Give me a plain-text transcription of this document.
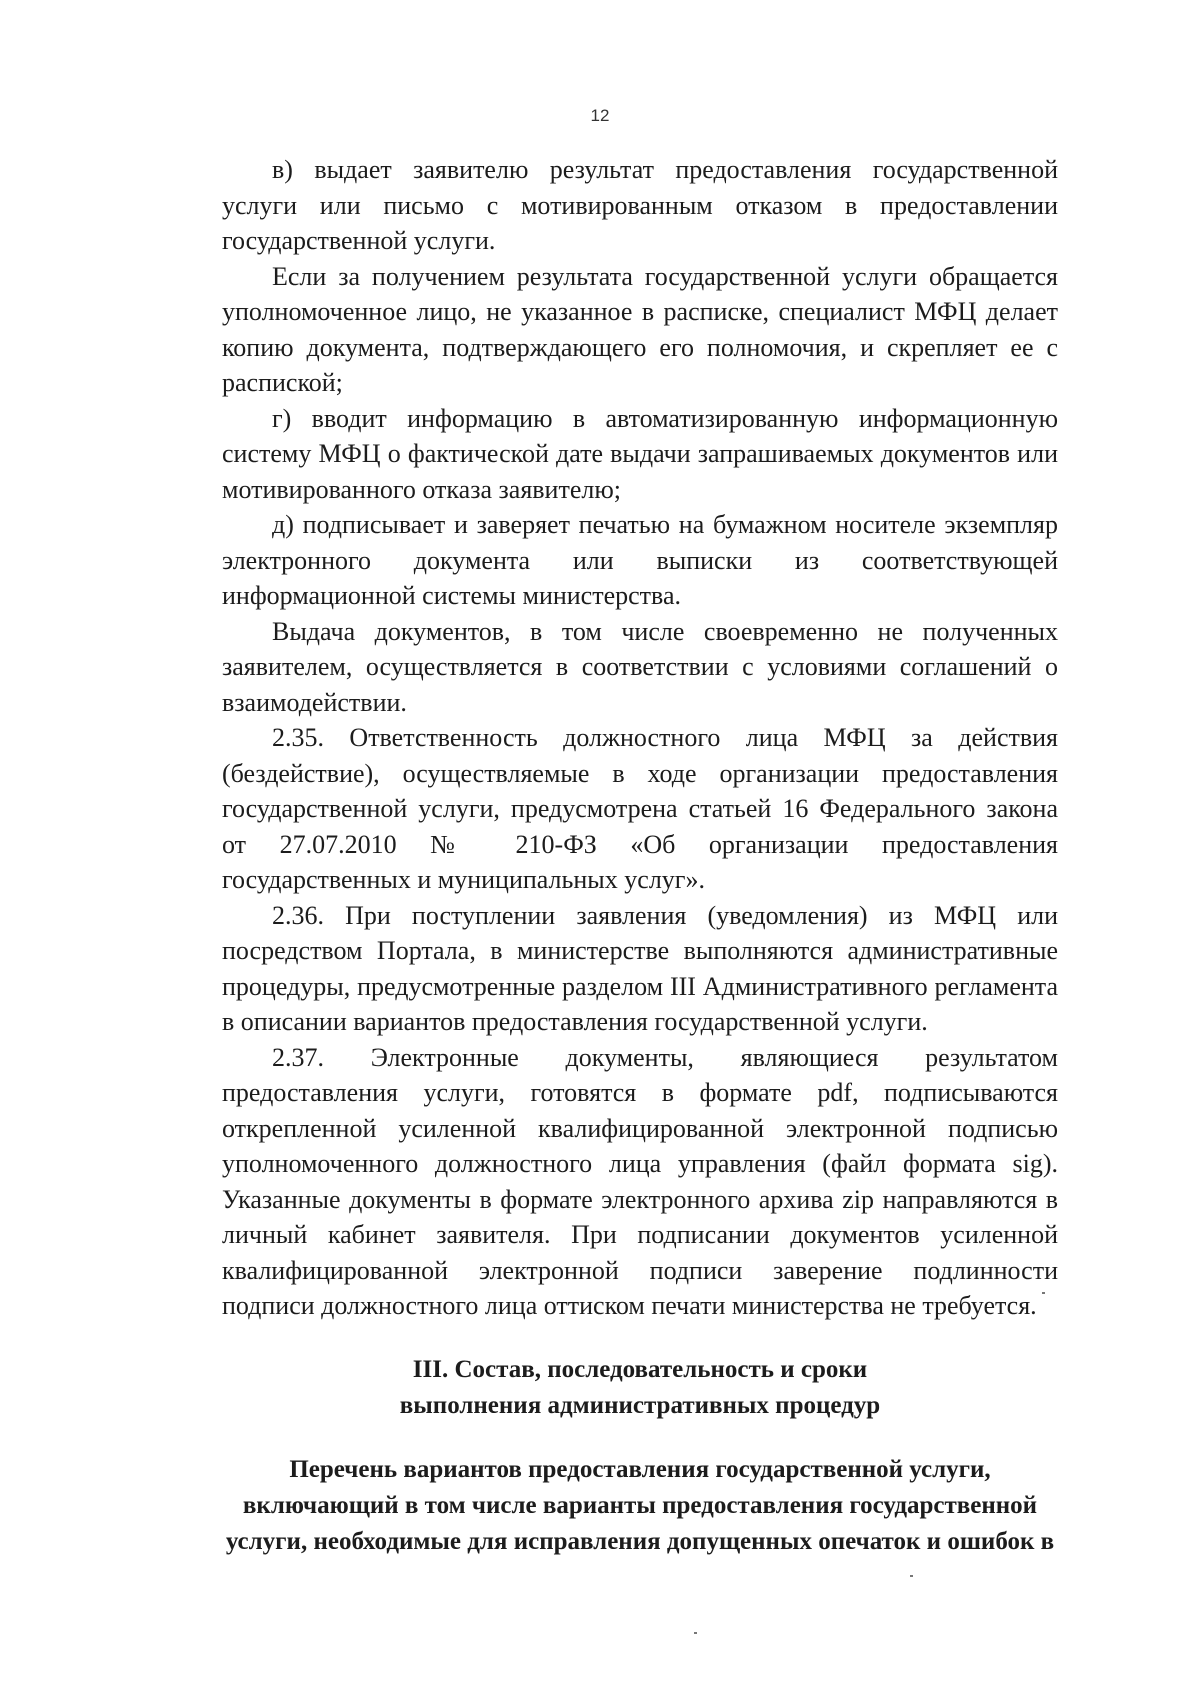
12

в) выдает заявителю результат предоставления государственной услуги или письмо с мотивированным отказом в предоставлении государственной услуги.

Если за получением результата государственной услуги обращается уполномоченное лицо, не указанное в расписке, специалист МФЦ делает копию документа, подтверждающего его полномочия, и скрепляет ее с распиской;

г) вводит информацию в автоматизированную информационную систему МФЦ о фактической дате выдачи запрашиваемых документов или мотивированного отказа заявителю;

д) подписывает и заверяет печатью на бумажном носителе экземпляр электронного документа или выписки из соответствующей информационной системы министерства.

Выдача документов, в том числе своевременно не полученных заявителем, осуществляется в соответствии с условиями соглашений о взаимодействии.

2.35. Ответственность должностного лица МФЦ за действия (бездействие), осуществляемые в ходе организации предоставления государственной услуги, предусмотрена статьей 16 Федерального закона от 27.07.2010 № 210-ФЗ «Об организации предоставления государственных и муниципальных услуг».

2.36. При поступлении заявления (уведомления) из МФЦ или посредством Портала, в министерстве выполняются административные процедуры, предусмотренные разделом III Административного регламента в описании вариантов предоставления государственной услуги.

2.37. Электронные документы, являющиеся результатом предоставления услуги, готовятся в формате pdf, подписываются открепленной усиленной квалифицированной электронной подписью уполномоченного должностного лица управления (файл формата sig). Указанные документы в формате электронного архива zip направляются в личный кабинет заявителя. При подписании документов усиленной квалифицированной электронной подписи заверение подлинности подписи должностного лица оттиском печати министерства не требуется.

III. Состав, последовательность и сроки

выполнения административных процедур

Перечень вариантов предоставления государственной услуги,

включающий в том числе варианты предоставления государственной

услуги, необходимые для исправления допущенных опечаток и ошибок в
